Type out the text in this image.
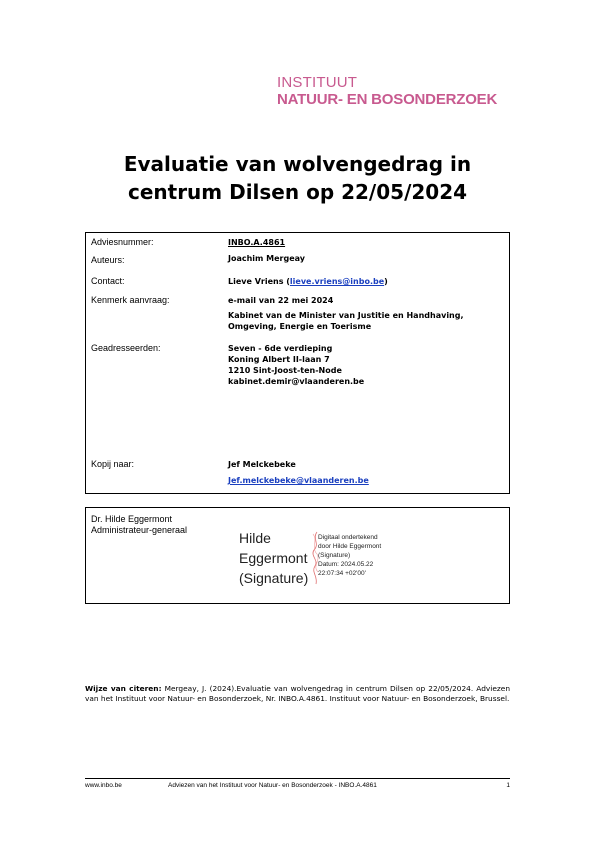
INSTITUUT
NATUUR- EN BOSONDERZOEK
Evaluatie van wolvengedrag in
centrum Dilsen op 22/05/2024
Adviesnummer:	INBO.A.4861
Auteurs:	Joachim Mergeay
Contact:	Lieve Vriens (lieve.vriens@inbo.be)
Kenmerk aanvraag:	e-mail van 22 mei 2024
Kabinet van de Minister van Justitie en Handhaving,
Omgeving, Energie en Toerisme
Geadresseerden:	Seven - 6de verdieping
Koning Albert II-laan 7
1210 Sint-Joost-ten-Node
kabinet.demir@vlaanderen.be
Kopij naar:	Jef Melckebeke
Jef.melckebeke@vlaanderen.be
Dr. Hilde Eggermont
Administrateur-generaal	Hilde
Eggermont
(Signature)
Digitaal ondertekend
door Hilde Eggermont
(Signature)
Datum: 2024.05.22
22:07:34 +02'00'
Wijze van citeren: Mergeay, J. (2024).Evaluatie van wolvengedrag in centrum Dilsen op 22/05/2024. Adviezen van het Instituut voor Natuur- en Bosonderzoek, Nr. INBO.A.4861. Instituut voor Natuur- en Bosonderzoek, Brussel.
www.inbo.be	Adviezen van het Instituut voor Natuur- en Bosonderzoek - INBO.A.4861	1
